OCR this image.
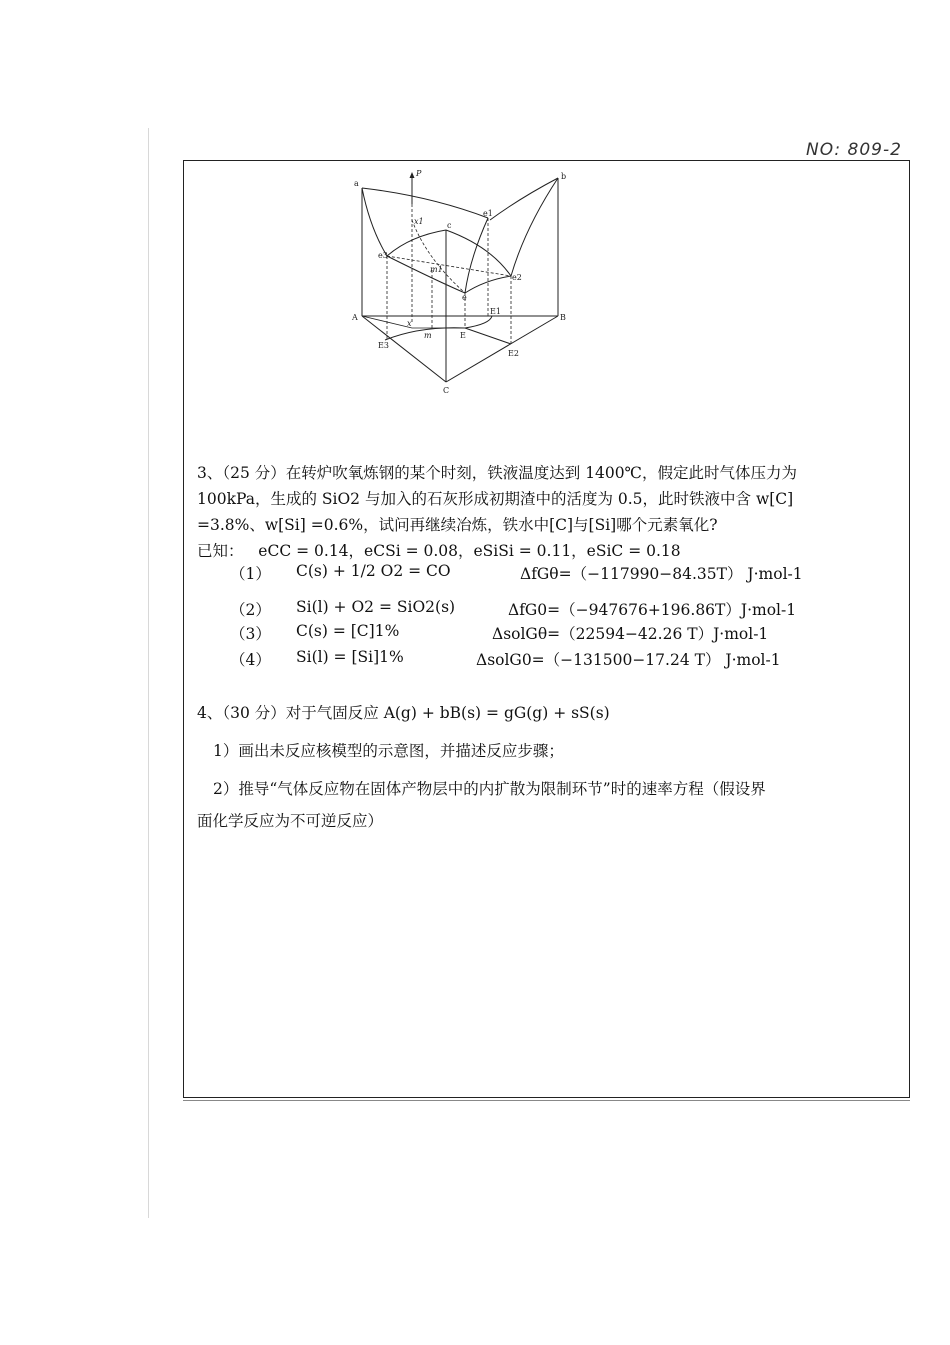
NO: 809-2
a
b
P
x1
e1
c
e3
m1
e2
e
A	B
E1
x
m	E
E3
E2
C
3、（25 分）在转炉吹氧炼钢的某个时刻，铁液温度达到 1400℃，假定此时气体压力为
100kPa，生成的 SiO2 与加入的石灰形成初期渣中的活度为 0.5，此时铁液中含 w[C]
=3.8%、w[Si] =0.6%，试问再继续冶炼，铁水中[C]与[Si]哪个元素氧化?
已知： eCC = 0.14，eCSi = 0.08，eSiSi = 0.11，eSiC = 0.18
（1） C(s) + 1/2 O2 = CO	ΔfGθ=（−117990−84.35T） J·mol-1
（2） Si(l) + O2 = SiO2(s)	ΔfG0=（−947676+196.86T）J·mol-1
（3） C(s) = [C]1%	ΔsolGθ=（22594−42.26 T）J·mol-1
（4） Si(l) = [Si]1%	ΔsolG0=（−131500−17.24 T） J·mol-1
4、（30 分）对于气固反应 A(g) + bB(s) = gG(g) + sS(s)
1）画出未反应核模型的示意图，并描述反应步骤；
2）推导“气体反应物在固体产物层中的内扩散为限制环节”时的速率方程（假设界
面化学反应为不可逆反应）
